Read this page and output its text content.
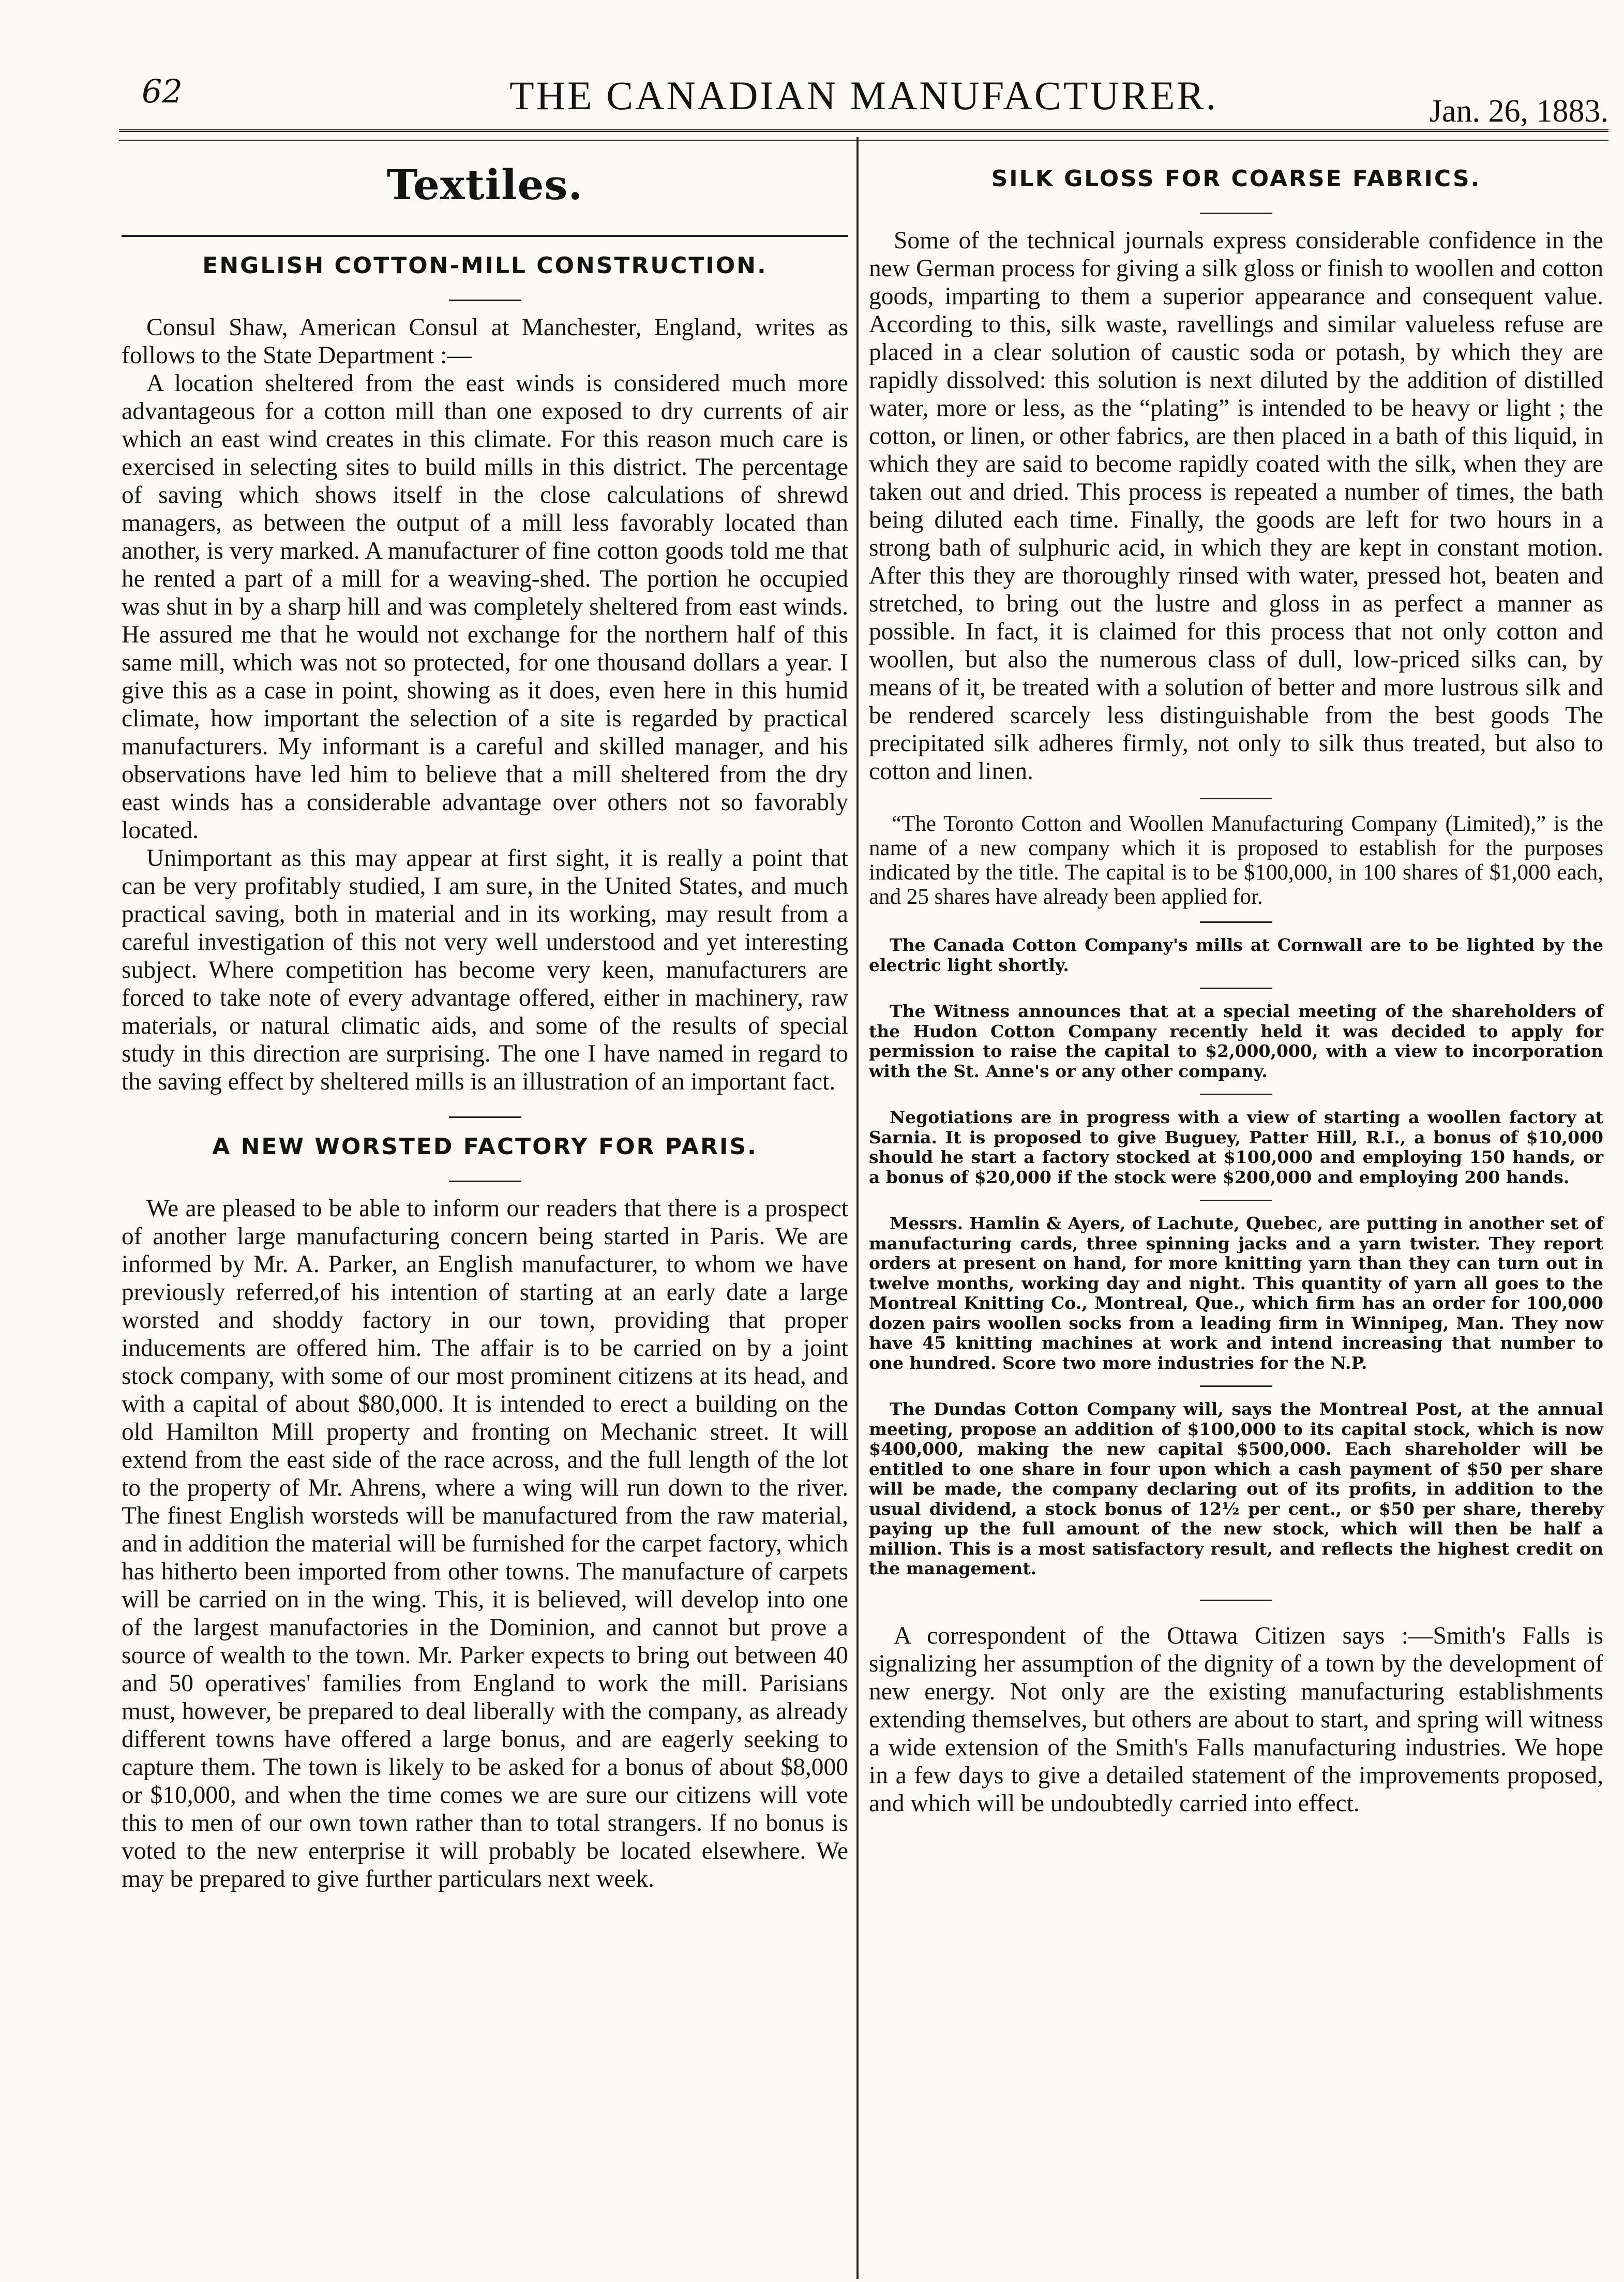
62	THE CANADIAN MANUFACTURER.	Jan. 26, 1883.
Textiles.
ENGLISH COTTON-MILL CONSTRUCTION.

Consul Shaw, American Consul at Manchester, England, writes as follows to the State Department :—

A location sheltered from the east winds is considered much more advantageous for a cotton mill than one exposed to dry currents of air which an east wind creates in this climate. For this reason much care is exercised in selecting sites to build mills in this district. The percentage of saving which shows itself in the close calculations of shrewd managers, as between the output of a mill less favorably located than another, is very marked. A manufacturer of fine cotton goods told me that he rented a part of a mill for a weaving-shed. The portion he occupied was shut in by a sharp hill and was completely sheltered from east winds. He assured me that he would not exchange for the northern half of this same mill, which was not so protected, for one thousand dollars a year. I give this as a case in point, showing as it does, even here in this humid climate, how important the selection of a site is regarded by practical manufacturers. My informant is a careful and skilled manager, and his observations have led him to believe that a mill sheltered from the dry east winds has a considerable advantage over others not so favorably located.

Unimportant as this may appear at first sight, it is really a point that can be very profitably studied, I am sure, in the United States, and much practical saving, both in material and in its working, may result from a careful investigation of this not very well understood and yet interesting subject. Where competition has become very keen, manufacturers are forced to take note of every advantage offered, either in machinery, raw materials, or natural climatic aids, and some of the results of special study in this direction are surprising. The one I have named in regard to the saving effect by sheltered mills is an illustration of an important fact.

A NEW WORSTED FACTORY FOR PARIS.

We are pleased to be able to inform our readers that there is a prospect of another large manufacturing concern being started in Paris. We are informed by Mr. A. Parker, an English manufacturer, to whom we have previously referred,of his intention of starting at an early date a large worsted and shoddy factory in our town, providing that proper inducements are offered him. The affair is to be carried on by a joint stock company, with some of our most prominent citizens at its head, and with a capital of about $80,000. It is intended to erect a building on the old Hamilton Mill property and fronting on Mechanic street. It will extend from the east side of the race across, and the full length of the lot to the property of Mr. Ahrens, where a wing will run down to the river. The finest English worsteds will be manufactured from the raw material, and in addition the material will be furnished for the carpet factory, which has hitherto been imported from other towns. The manufacture of carpets will be carried on in the wing. This, it is believed, will develop into one of the largest manufactories in the Dominion, and cannot but prove a source of wealth to the town. Mr. Parker expects to bring out between 40 and 50 operatives' families from England to work the mill. Parisians must, however, be prepared to deal liberally with the company, as already different towns have offered a large bonus, and are eagerly seeking to capture them. The town is likely to be asked for a bonus of about $8,000 or $10,000, and when the time comes we are sure our citizens will vote this to men of our own town rather than to total strangers. If no bonus is voted to the new enterprise it will probably be located elsewhere. We may be prepared to give further particulars next week.

SILK GLOSS FOR COARSE FABRICS.

Some of the technical journals express considerable confidence in the new German process for giving a silk gloss or finish to woollen and cotton goods, imparting to them a superior appearance and consequent value. According to this, silk waste, ravellings and similar valueless refuse are placed in a clear solution of caustic soda or potash, by which they are rapidly dissolved: this solution is next diluted by the addition of distilled water, more or less, as the “plating” is intended to be heavy or light ; the cotton, or linen, or other fabrics, are then placed in a bath of this liquid, in which they are said to become rapidly coated with the silk, when they are taken out and dried. This process is repeated a number of times, the bath being diluted each time. Finally, the goods are left for two hours in a strong bath of sulphuric acid, in which they are kept in constant motion. After this they are thoroughly rinsed with water, pressed hot, beaten and stretched, to bring out the lustre and gloss in as perfect a manner as possible. In fact, it is claimed for this process that not only cotton and woollen, but also the numerous class of dull, low-priced silks can, by means of it, be treated with a solution of better and more lustrous silk and be rendered scarcely less distinguishable from the best goods The precipitated silk adheres firmly, not only to silk thus treated, but also to cotton and linen.

“The Toronto Cotton and Woollen Manufacturing Company (Limited),” is the name of a new company which it is proposed to establish for the purposes indicated by the title. The capital is to be $100,000, in 100 shares of $1,000 each, and 25 shares have already been applied for.

The Canada Cotton Company's mills at Cornwall are to be lighted by the electric light shortly.

The Witness announces that at a special meeting of the shareholders of the Hudon Cotton Company recently held it was decided to apply for permission to raise the capital to $2,000,000, with a view to incorporation with the St. Anne's or any other company.

Negotiations are in progress with a view of starting a woollen factory at Sarnia. It is proposed to give Buguey, Patter Hill, R.I., a bonus of $10,000 should he start a factory stocked at $100,000 and employing 150 hands, or a bonus of $20,000 if the stock were $200,000 and employing 200 hands.

Messrs. Hamlin & Ayers, of Lachute, Quebec, are putting in another set of manufacturing cards, three spinning jacks and a yarn twister. They report orders at present on hand, for more knitting yarn than they can turn out in twelve months, working day and night. This quantity of yarn all goes to the Montreal Knitting Co., Montreal, Que., which firm has an order for 100,000 dozen pairs woollen socks from a leading firm in Winnipeg, Man. They now have 45 knitting machines at work and intend increasing that number to one hundred. Score two more industries for the N.P.

The Dundas Cotton Company will, says the Montreal Post, at the annual meeting, propose an addition of $100,000 to its capital stock, which is now $400,000, making the new capital $500,000. Each shareholder will be entitled to one share in four upon which a cash payment of $50 per share will be made, the company declaring out of its profits, in addition to the usual dividend, a stock bonus of 12½ per cent., or $50 per share, thereby paying up the full amount of the new stock, which will then be half a million. This is a most satisfactory result, and reflects the highest credit on the management.

A correspondent of the Ottawa Citizen says :—Smith's Falls is signalizing her assumption of the dignity of a town by the development of new energy. Not only are the existing manufacturing establishments extending themselves, but others are about to start, and spring will witness a wide extension of the Smith's Falls manufacturing industries. We hope in a few days to give a detailed statement of the improvements proposed, and which will be undoubtedly carried into effect.
